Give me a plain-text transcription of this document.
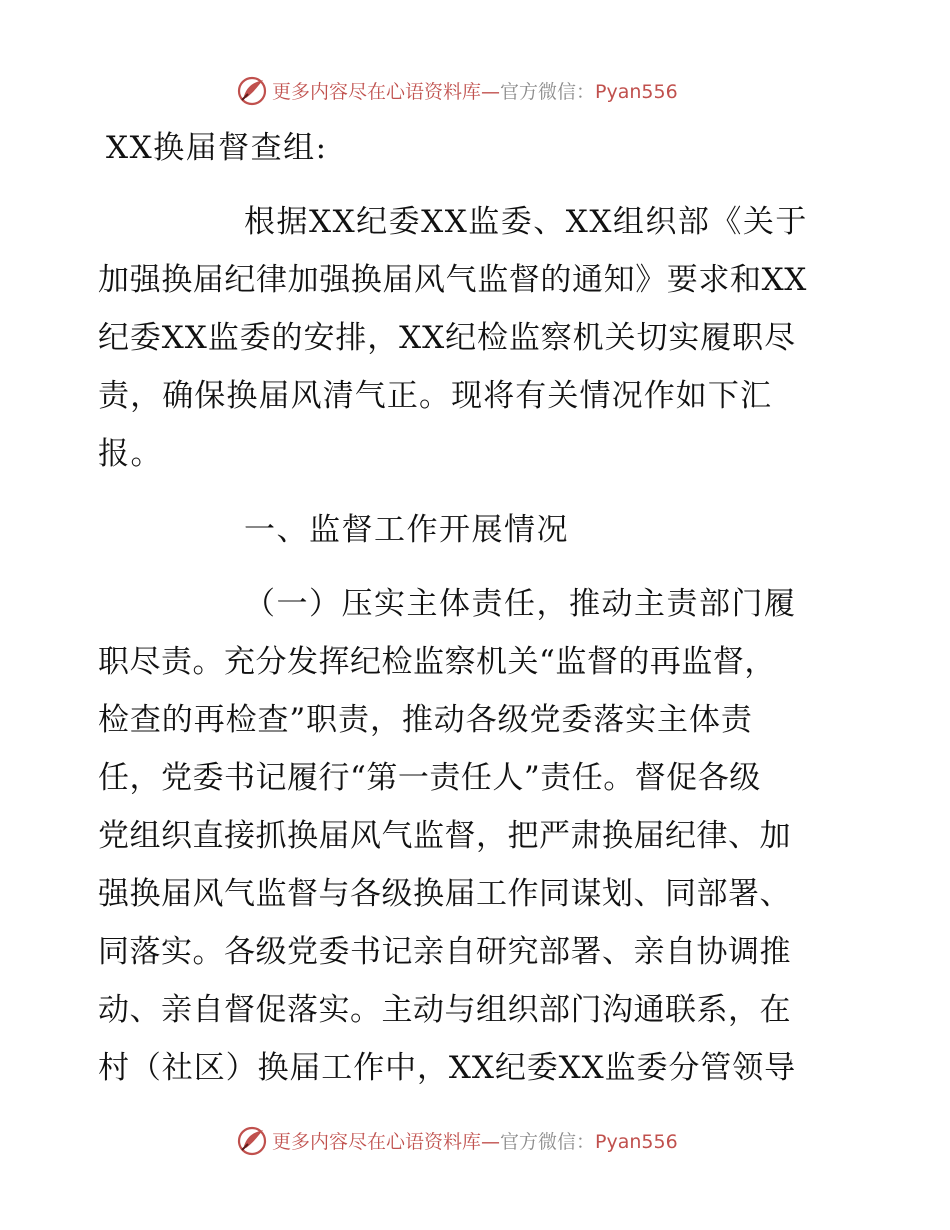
更多内容尽在心语资料库—官方微信：Pyan556
XX换届督查组:
根据XX纪委XX监委、XX组织部《关于
加强换届纪律加强换届风气监督的通知》要求和XX
纪委XX监委的安排，XX纪检监察机关切实履职尽
责，确保换届风清气正。现将有关情况作如下汇
报。
一、监督工作开展情况
（一）压实主体责任，推动主责部门履
职尽责。充分发挥纪检监察机关“监督的再监督，
检查的再检查”职责，推动各级党委落实主体责
任，党委书记履行“第一责任人”责任。督促各级
党组织直接抓换届风气监督，把严肃换届纪律、加
强换届风气监督与各级换届工作同谋划、同部署、
同落实。各级党委书记亲自研究部署、亲自协调推
动、亲自督促落实。主动与组织部门沟通联系，在
村（社区）换届工作中，XX纪委XX监委分管领导
更多内容尽在心语资料库—官方微信：Pyan556
